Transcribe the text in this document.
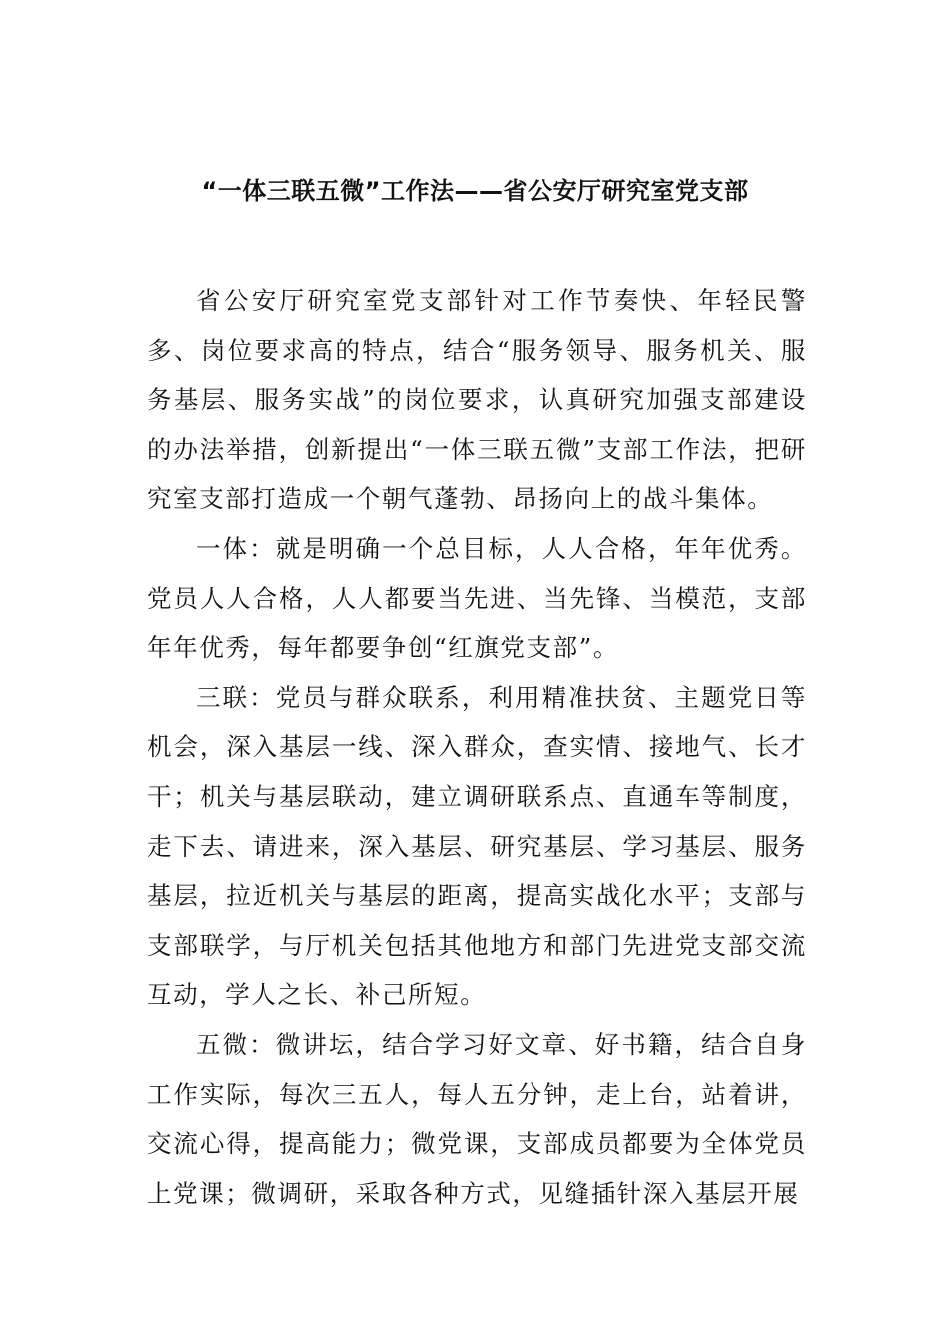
“一体三联五微”工作法——省公安厅研究室党支部

省公安厅研究室党支部针对工作节奏快、年轻民警多、岗位要求高的特点，结合“服务领导、服务机关、服务基层、服务实战”的岗位要求，认真研究加强支部建设的办法举措，创新提出“一体三联五微”支部工作法，把研究室支部打造成一个朝气蓬勃、昂扬向上的战斗集体。

一体：就是明确一个总目标，人人合格，年年优秀。党员人人合格，人人都要当先进、当先锋、当模范，支部年年优秀，每年都要争创“红旗党支部”。

三联：党员与群众联系，利用精准扶贫、主题党日等机会，深入基层一线、深入群众，查实情、接地气、长才干；机关与基层联动，建立调研联系点、直通车等制度，走下去、请进来，深入基层、研究基层、学习基层、服务基层，拉近机关与基层的距离，提高实战化水平；支部与支部联学，与厅机关包括其他地方和部门先进党支部交流互动，学人之长、补己所短。

五微：微讲坛，结合学习好文章、好书籍，结合自身工作实际，每次三五人，每人五分钟，走上台，站着讲，交流心得，提高能力；微党课，支部成员都要为全体党员上党课；微调研，采取各种方式，见缝插针深入基层开展
